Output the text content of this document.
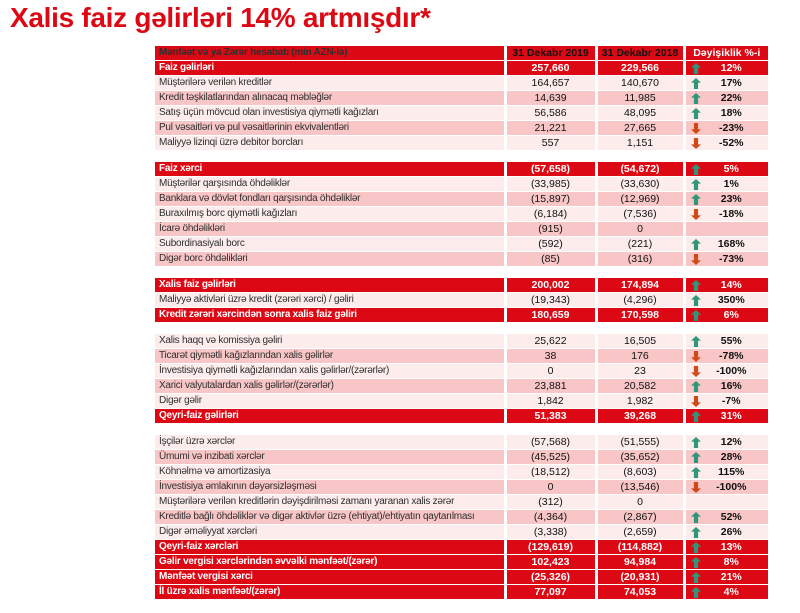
Xalis faiz gəlirləri 14% artmışdır*
Mənfəət və ya Zərər hesabatı (min AZN-lə)	31 Dekabr 2019	31 Dekabr 2018	Dəyişiklik %-i
Faiz gəlirləri	257,660	229,566	12%

Müştərilərə verilən kreditlər	164,657	140,670	17%

Kredit təşkilatlarından alınacaq məbləğlər	14,639	11,985	22%

Satış üçün mövcud olan investisiya qiymətli kağızları	56,586	48,095	18%

Pul vəsaitləri və pul vəsaitlərinin ekvivalentləri	21,221	27,665	-23%

Maliyyə lizinqi üzrə debitor borcları	557	1,151	-52%

Faiz xərci	(57,658)	(54,672)	5%

Müştərilər qarşısında öhdəliklər	(33,985)	(33,630)	1%

Banklara və dövlət fondları qarşısında öhdəliklər	(15,897)	(12,969)	23%

Buraxılmış borc qiymətli kağızları	(6,184)	(7,536)	-18%

İcarə öhdəlikləri	(915)	0	
Subordinasiyalı borc	(592)	(221)	168%

Digər borc öhdəlikləri	(85)	(316)	-73%

Xalis faiz gəlirləri	200,002	174,894	14%

Maliyyə aktivləri üzrə kredit (zərəri xərci) / gəliri	(19,343)	(4,296)	350%

Kredit zərəri xərcindən sonra xalis faiz gəliri	180,659	170,598	6%

Xalis haqq və komissiya gəliri	25,622	16,505	55%

Ticarət qiymətli kağızlarından xalis gəlirlər	38	176	-78%

İnvestisiya qiymətli kağızlarından xalis gəlirlər/(zərərlər)	0	23	-100%

Xarici valyutalardan xalis gəlirlər/(zərərlər)	23,881	20,582	16%

Digər gəlir	1,842	1,982	-7%

Qeyri-faiz gəlirləri	51,383	39,268	31%

İşçilər üzrə xərclər	(57,568)	(51,555)	12%

Ümumi və inzibati xərclər	(45,525)	(35,652)	28%

Köhnəlmə və amortizasiya	(18,512)	(8,603)	115%

İnvestisiya əmlakının dəyərsizləşməsi	0	(13,546)	-100%

Müştərilərə verilən kreditlərin dəyişdirilməsi zamanı yaranan xalis zərər	(312)	0	
Kreditlə bağlı öhdəliklər və digər aktivlər üzrə (ehtiyat)/ehtiyatın qaytarılması	(4,364)	(2,867)	52%

Digər əməliyyat xərcləri	(3,338)	(2,659)	26%

Qeyri-faiz xərcləri	(129,619)	(114,882)	13%

Gəlir vergisi xərclərindən əvvəlki mənfəət/(zərər)	102,423	94,984	8%

Mənfəət vergisi xərci	(25,326)	(20,931)	21%

İl üzrə xalis mənfəət/(zərər)	77,097	74,053	4%
